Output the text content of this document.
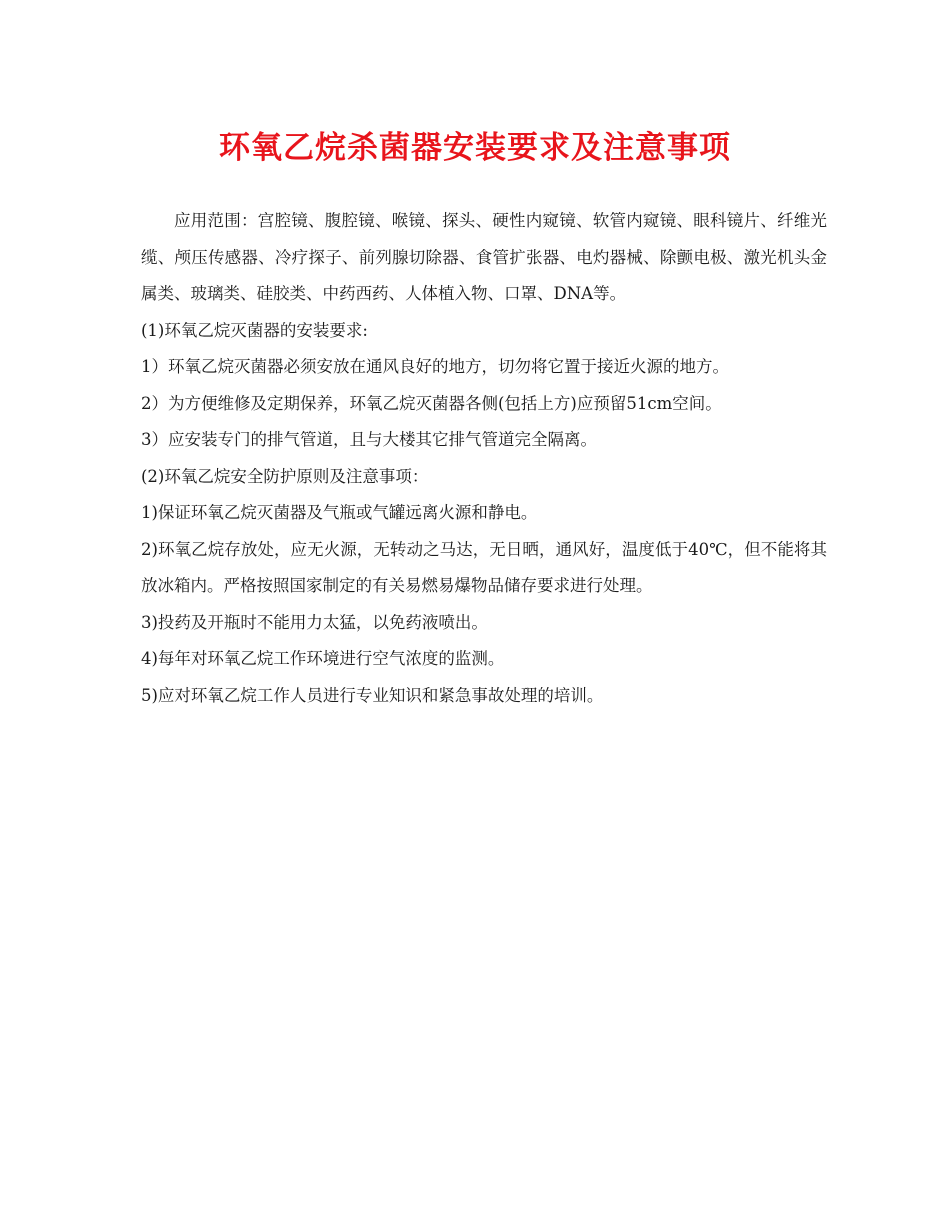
环氧乙烷杀菌器安装要求及注意事项

应用范围：宫腔镜、腹腔镜、喉镜、探头、硬性内窥镜、软管内窥镜、眼科镜片、纤维光缆、颅压传感器、冷疗探子、前列腺切除器、食管扩张器、电灼器械、除颤电极、激光机头金属类、玻璃类、硅胶类、中药西药、人体植入物、口罩、DNA等。

(1)环氧乙烷灭菌器的安装要求:

1）环氧乙烷灭菌器必须安放在通风良好的地方，切勿将它置于接近火源的地方。

2）为方便维修及定期保养，环氧乙烷灭菌器各侧(包括上方)应预留51cm空间。

3）应安装专门的排气管道，且与大楼其它排气管道完全隔离。

(2)环氧乙烷安全防护原则及注意事项：

1)保证环氧乙烷灭菌器及气瓶或气罐远离火源和静电。

2)环氧乙烷存放处，应无火源，无转动之马达，无日晒，通风好，温度低于40℃，但不能将其放冰箱内。严格按照国家制定的有关易燃易爆物品储存要求进行处理。

3)投药及开瓶时不能用力太猛，以免药液喷出。

4)每年对环氧乙烷工作环境进行空气浓度的监测。

5)应对环氧乙烷工作人员进行专业知识和紧急事故处理的培训。
